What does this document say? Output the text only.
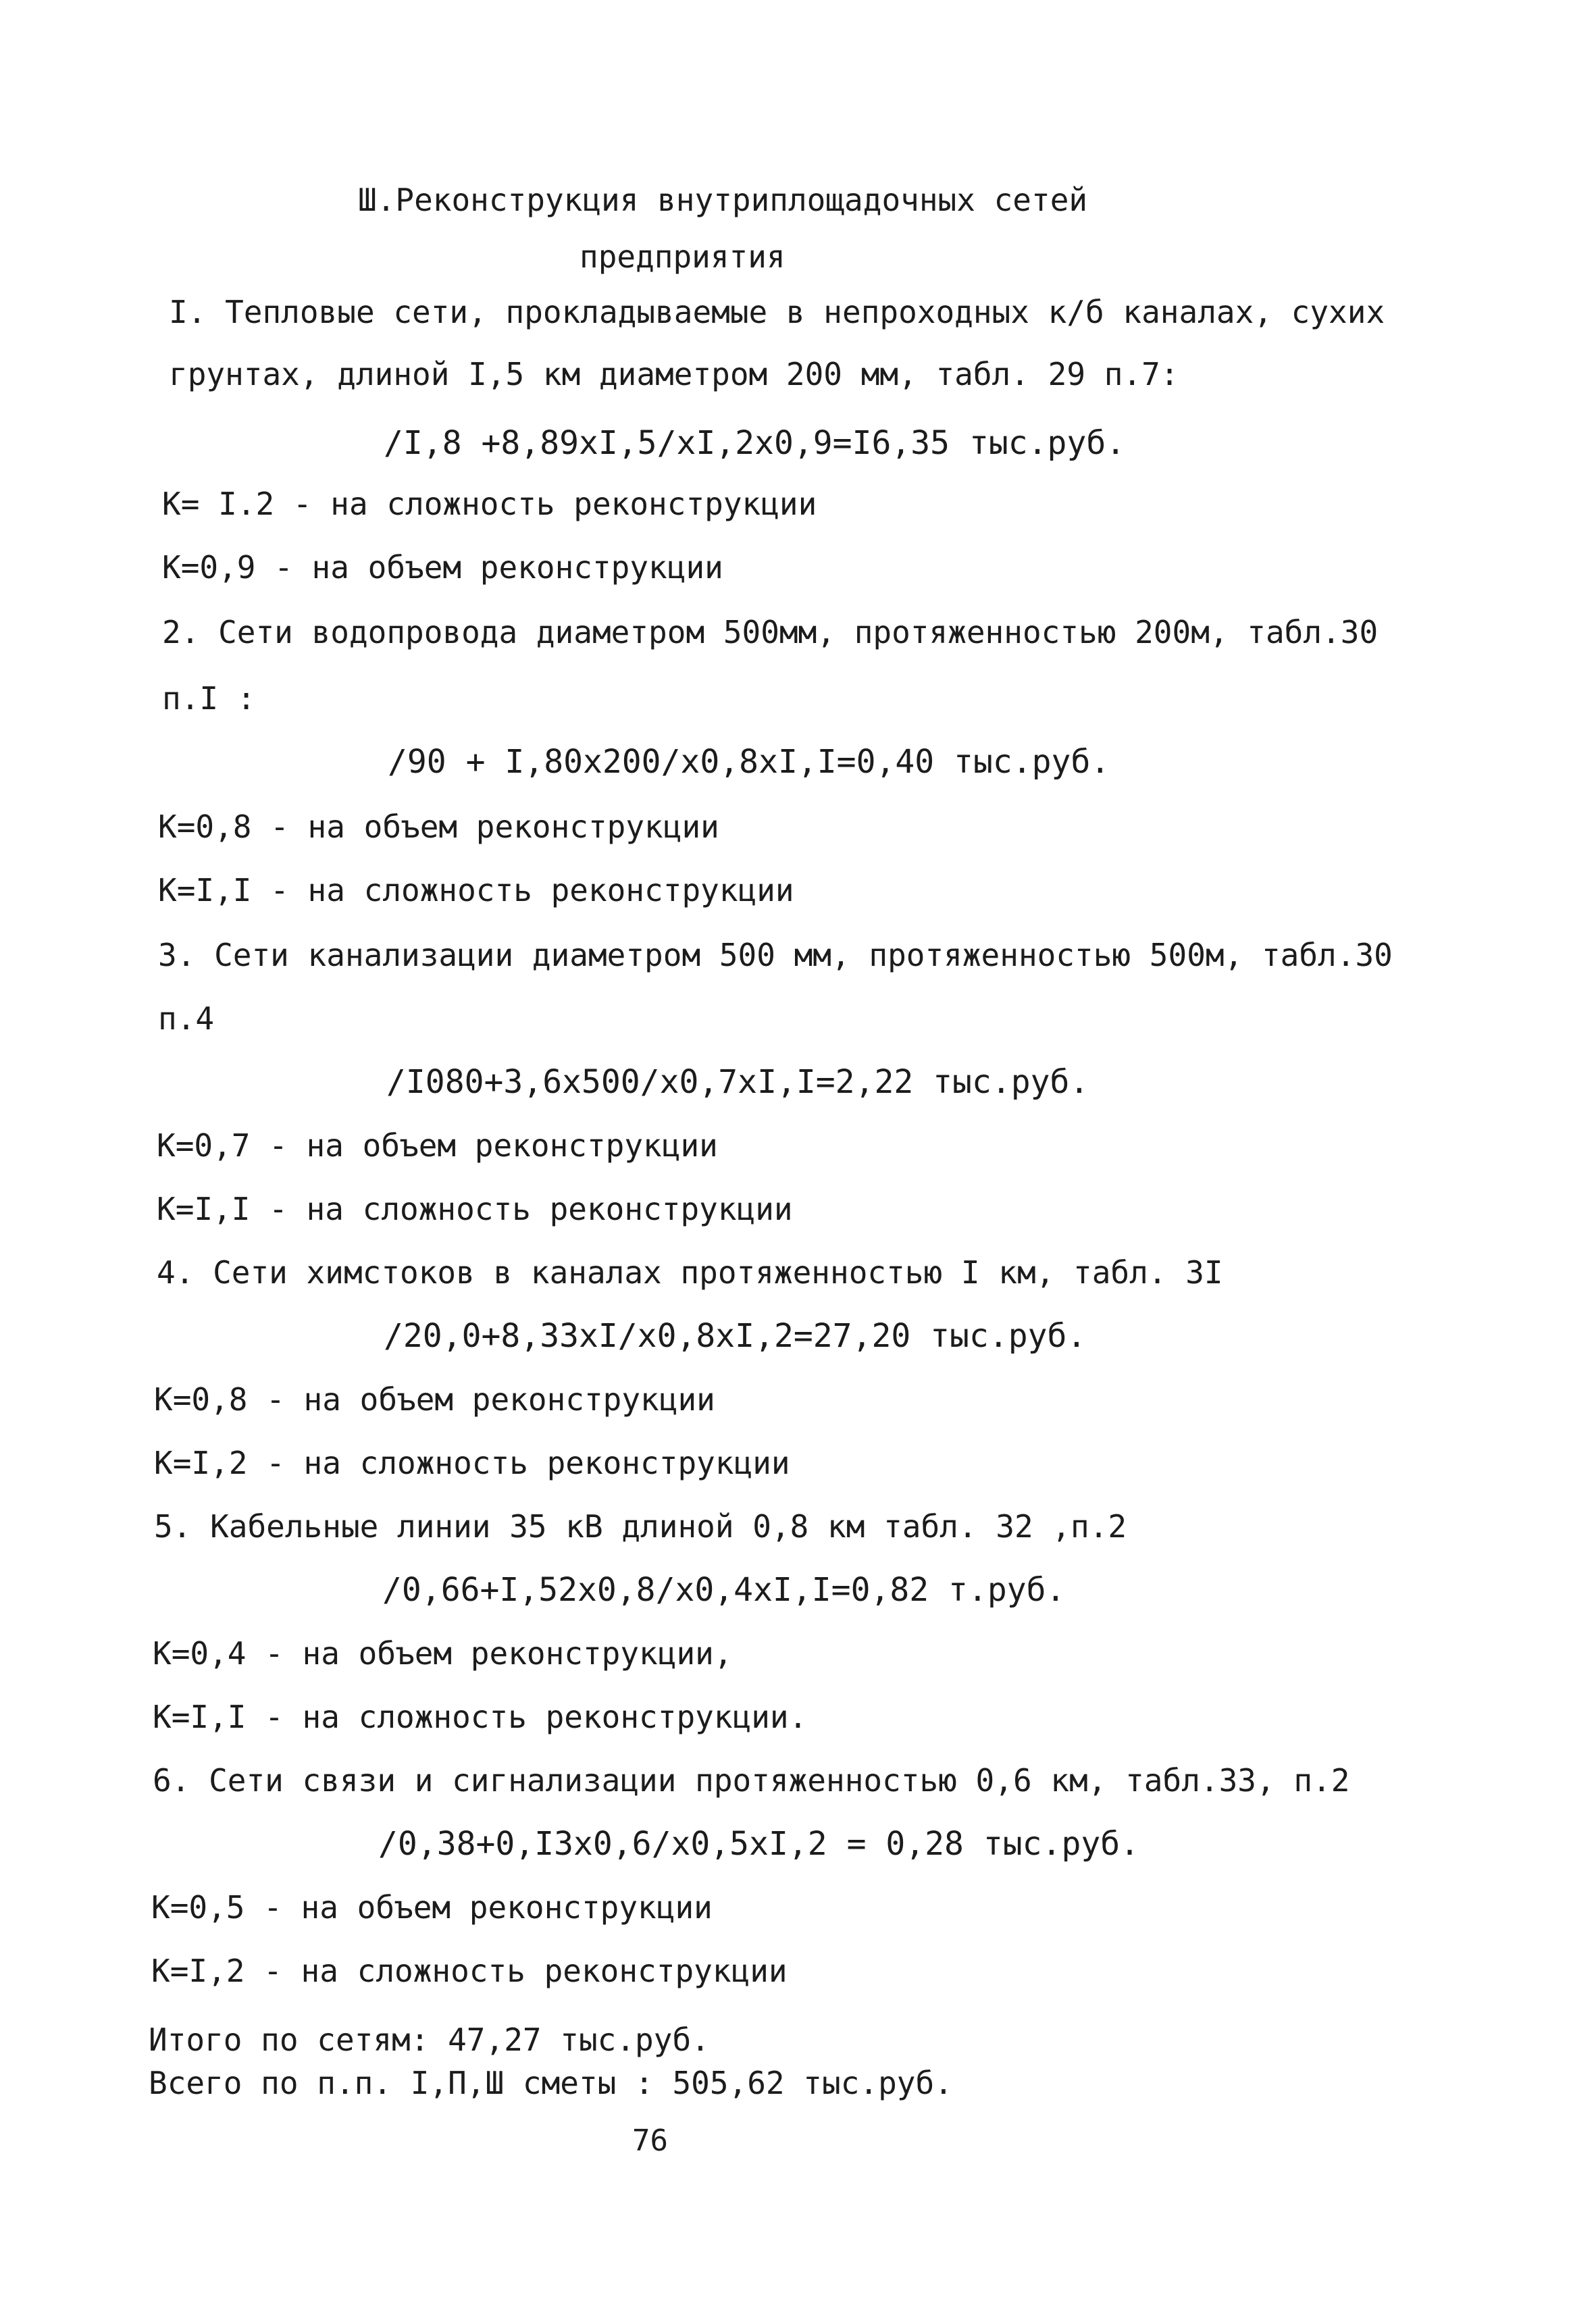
Ш.Реконструкция внутриплощадочных сетей
предприятия
I. Тепловые сети, прокладываемые в непроходных к/б каналах, сухих
грунтах, длиной I,5 км диаметром 200 мм, табл. 29 п.7:
/I,8 +8,89xI,5/xI,2x0,9=I6,35 тыс.руб.
К= I.2 - на сложность реконструкции
К=0,9 - на объем реконструкции
2. Сети водопровода диаметром 500мм, протяженностью 200м, табл.30
п.I :
/90 + I,80x200/x0,8xI,I=0,40 тыс.руб.
К=0,8 - на объем реконструкции
К=I,I - на сложность реконструкции
3. Сети канализации диаметром 500 мм, протяженностью 500м, табл.30
п.4
/I080+3,6x500/x0,7xI,I=2,22 тыс.руб.
К=0,7 - на объем реконструкции
К=I,I - на сложность реконструкции
4. Сети химстоков в каналах протяженностью I км, табл. 3I
/20,0+8,33xI/x0,8xI,2=27,20 тыс.руб.
К=0,8 - на объем реконструкции
К=I,2 - на сложность реконструкции
5. Кабельные линии 35 кВ длиной 0,8 км табл. 32 ,п.2
/0,66+I,52x0,8/x0,4xI,I=0,82 т.руб.
К=0,4 - на объем реконструкции,
К=I,I - на сложность реконструкции.
6. Сети связи и сигнализации протяженностью 0,6 км, табл.33, п.2
/0,38+0,I3x0,6/x0,5xI,2 = 0,28 тыс.руб.
К=0,5 - на объем реконструкции
К=I,2 - на сложность реконструкции
Итого по сетям: 47,27 тыс.руб.
Всего по п.п. I,П,Ш сметы : 505,62 тыс.руб.
76
